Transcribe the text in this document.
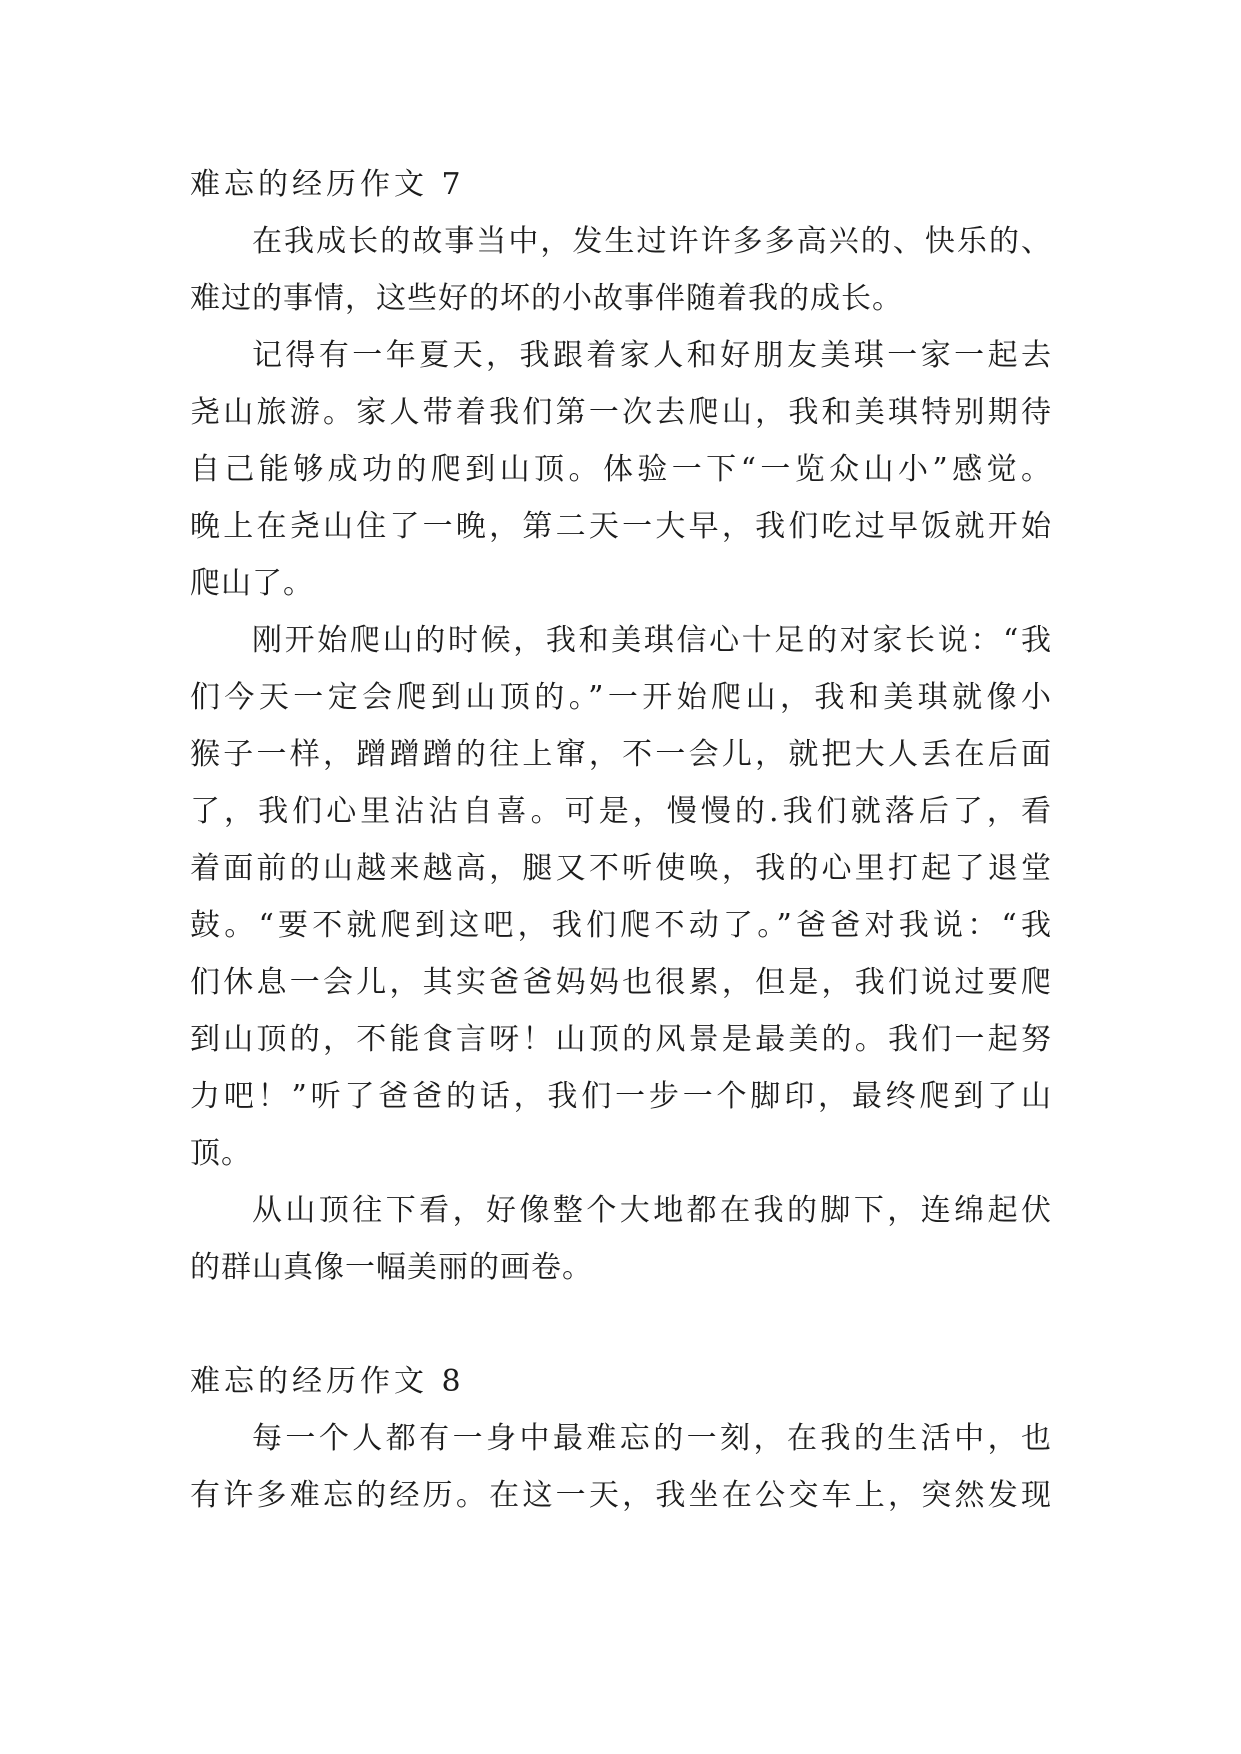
难忘的经历作文 7
在我成长的故事当中，发生过许许多多高兴的、快乐的、
难过的事情，这些好的坏的小故事伴随着我的成长。
记得有一年夏天，我跟着家人和好朋友美琪一家一起去
尧山旅游。家人带着我们第一次去爬山，我和美琪特别期待
自己能够成功的爬到山顶。体验一下“一览众山小”感觉。
晚上在尧山住了一晚，第二天一大早，我们吃过早饭就开始
爬山了。
刚开始爬山的时候，我和美琪信心十足的对家长说：“我
们今天一定会爬到山顶的。”一开始爬山，我和美琪就像小
猴子一样，蹭蹭蹭的往上窜，不一会儿，就把大人丢在后面
了，我们心里沾沾自喜。可是，慢慢的.我们就落后了，看
着面前的山越来越高，腿又不听使唤，我的心里打起了退堂
鼓。“要不就爬到这吧，我们爬不动了。”爸爸对我说：“我
们休息一会儿，其实爸爸妈妈也很累，但是，我们说过要爬
到山顶的，不能食言呀！山顶的风景是最美的。我们一起努
力吧！”听了爸爸的话，我们一步一个脚印，最终爬到了山
顶。
从山顶往下看，好像整个大地都在我的脚下，连绵起伏
的群山真像一幅美丽的画卷。
难忘的经历作文 8
每一个人都有一身中最难忘的一刻，在我的生活中，也
有许多难忘的经历。在这一天，我坐在公交车上，突然发现
